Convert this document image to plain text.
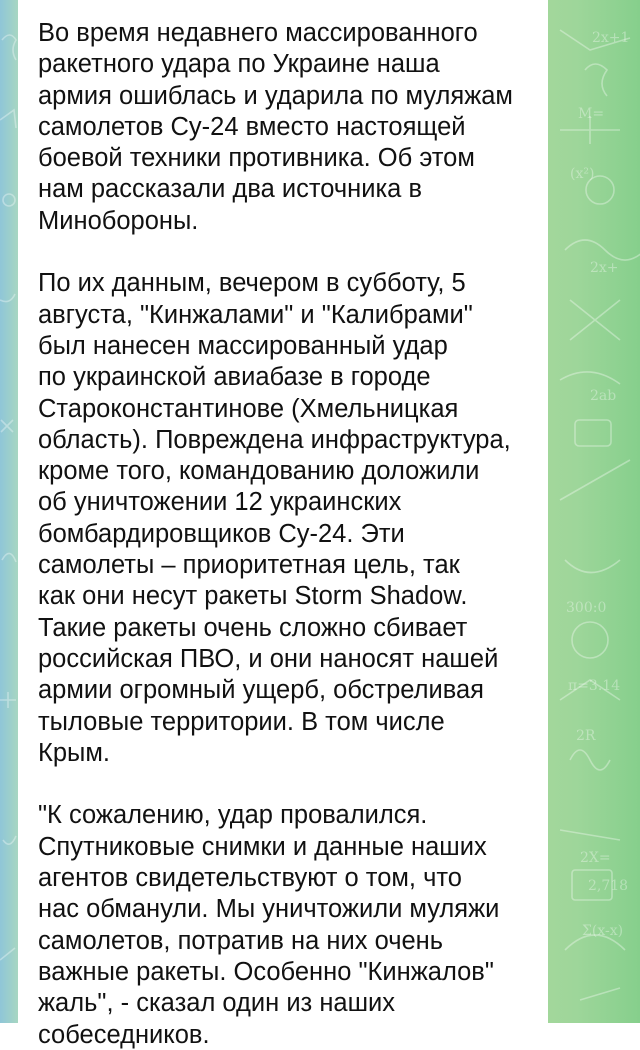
2x+1
M=
(x²)
2x+
2ab
300:0
π=3.14
2R
2X=
2,718
Σ(x-x)

Во время недавнего массированного
ракетного удара по Украине наша
армия ошиблась и ударила по муляжам
самолетов Су-24 вместо настоящей
боевой техники противника. Об этом
нам рассказали два источника в
Минобороны.

По их данным, вечером в субботу, 5
августа, "Кинжалами" и "Калибрами"
был нанесен массированный удар
по украинской авиабазе в городе
Староконстантинове (Хмельницкая
область). Повреждена инфраструктура,
кроме того, командованию доложили
об уничтожении 12 украинских
бомбардировщиков Су-24. Эти
самолеты – приоритетная цель, так
как они несут ракеты Storm Shadow.
Такие ракеты очень сложно сбивает
российская ПВО, и они наносят нашей
армии огромный ущерб, обстреливая
тыловые территории. В том числе
Крым.

"К сожалению, удар провалился.
Спутниковые снимки и данные наших
агентов свидетельствуют о том, что
нас обманули. Мы уничтожили муляжи
самолетов, потратив на них очень
важные ракеты. Особенно "Кинжалов"
жаль", - сказал один из наших
собеседников.
